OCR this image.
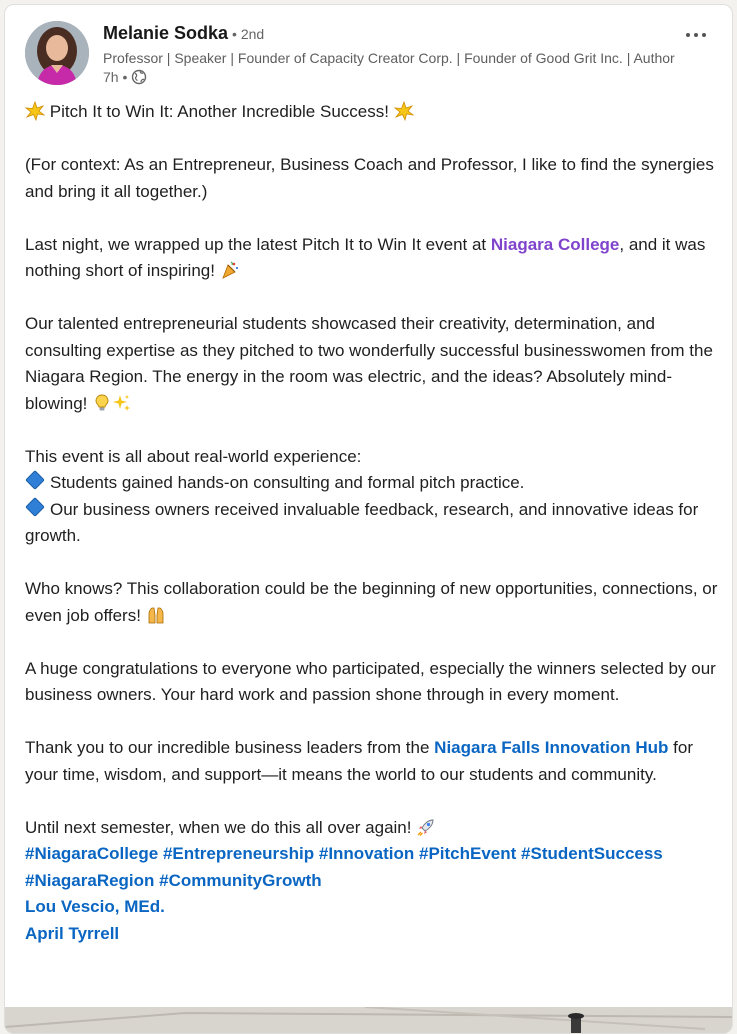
Melanie Sodka • 2nd
Professor | Speaker | Founder of Capacity Creator Corp. | Founder of Good Grit Inc. | Author
7h •

Pitch It to Win It: Another Incredible Success!

(For context: As an Entrepreneur, Business Coach and Professor, I like to find the synergies and bring it all together.)

Last night, we wrapped up the latest Pitch It to Win It event at Niagara College, and it was nothing short of inspiring!

Our talented entrepreneurial students showcased their creativity, determination, and consulting expertise as they pitched to two wonderfully successful businesswomen from the Niagara Region. The energy in the room was electric, and the ideas? Absolutely mind-blowing!

This event is all about real-world experience:

Students gained hands-on consulting and formal pitch practice.

Our business owners received invaluable feedback, research, and innovative ideas for growth.

Who knows? This collaboration could be the beginning of new opportunities, connections, or even job offers!

A huge congratulations to everyone who participated, especially the winners selected by our business owners. Your hard work and passion shone through in every moment.

Thank you to our incredible business leaders from the Niagara Falls Innovation Hub for your time, wisdom, and support—it means the world to our students and community.

Until next semester, when we do this all over again!

#NiagaraCollege #Entrepreneurship #Innovation #PitchEvent #StudentSuccess #NiagaraRegion #CommunityGrowth

Lou Vescio, MEd.

April Tyrrell
